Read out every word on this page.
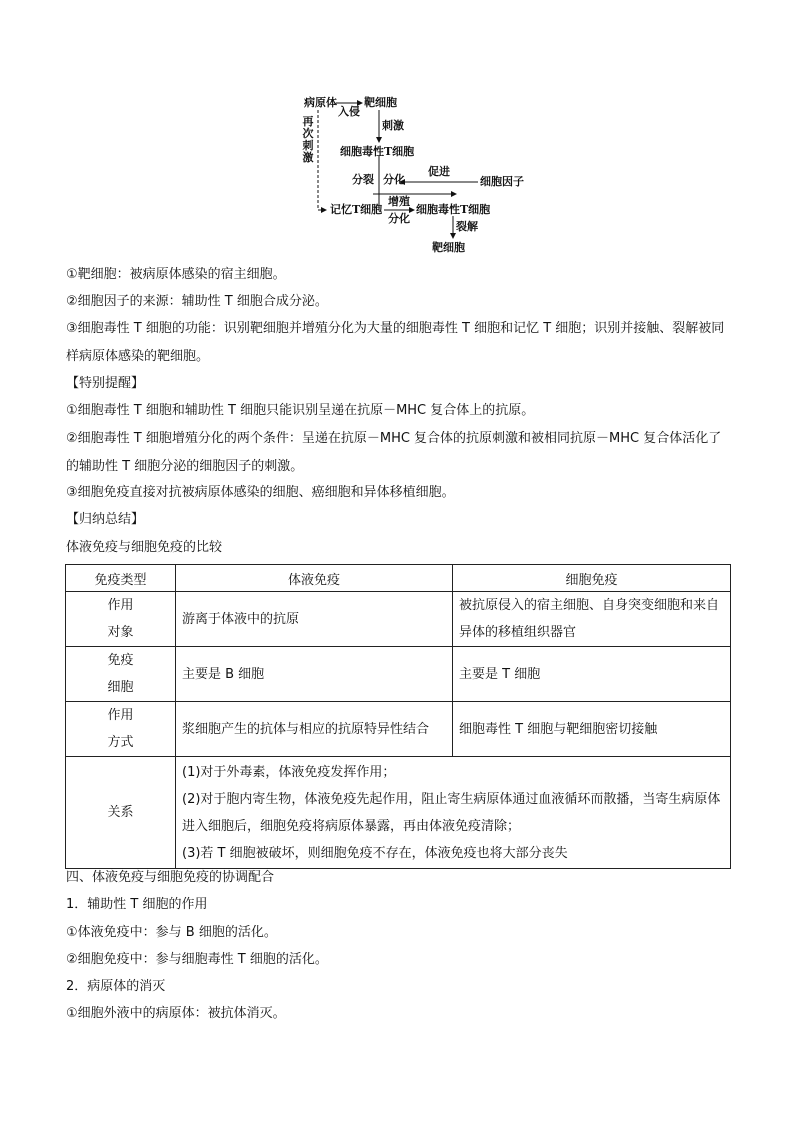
病原体 靶细胞
入侵
再次刺激
刺激
细胞毒性T细胞
分裂 分化
促进
细胞因子
记忆T细胞
增殖
分化
细胞毒性T细胞
裂解
靶细胞
①靶细胞：被病原体感染的宿主细胞。
②细胞因子的来源：辅助性 T 细胞合成分泌。
③细胞毒性 T 细胞的功能：识别靶细胞并增殖分化为大量的细胞毒性 T 细胞和记忆 T 细胞；识别并接触、裂解被同样病原体感染的靶细胞。
【特别提醒】
①细胞毒性 T 细胞和辅助性 T 细胞只能识别呈递在抗原－MHC 复合体上的抗原。
②细胞毒性 T 细胞增殖分化的两个条件：呈递在抗原－MHC 复合体的抗原刺激和被相同抗原－MHC 复合体活化了的辅助性 T 细胞分泌的细胞因子的刺激。
③细胞免疫直接对抗被病原体感染的细胞、癌细胞和异体移植细胞。
【归纳总结】
体液免疫与细胞免疫的比较
免疫类型	体液免疫	细胞免疫

作用
对象	游离于体液中的抗原	被抗原侵入的宿主细胞、自身突变细胞和来自异体的移植组织器官

免疫
细胞	主要是 B 细胞	主要是 T 细胞

作用
方式	浆细胞产生的抗体与相应的抗原特异性结合	细胞毒性 T 细胞与靶细胞密切接触
关系	(1)对于外毒素，体液免疫发挥作用；
(2)对于胞内寄生物，体液免疫先起作用，阻止寄生病原体通过血液循环而散播，当寄生病原体进入细胞后，细胞免疫将病原体暴露，再由体液免疫清除；
(3)若 T 细胞被破坏，则细胞免疫不存在，体液免疫也将大部分丧失	
四、体液免疫与细胞免疫的协调配合
1．辅助性 T 细胞的作用
①体液免疫中：参与 B 细胞的活化。
②细胞免疫中：参与细胞毒性 T 细胞的活化。
2．病原体的消灭
①细胞外液中的病原体：被抗体消灭。
